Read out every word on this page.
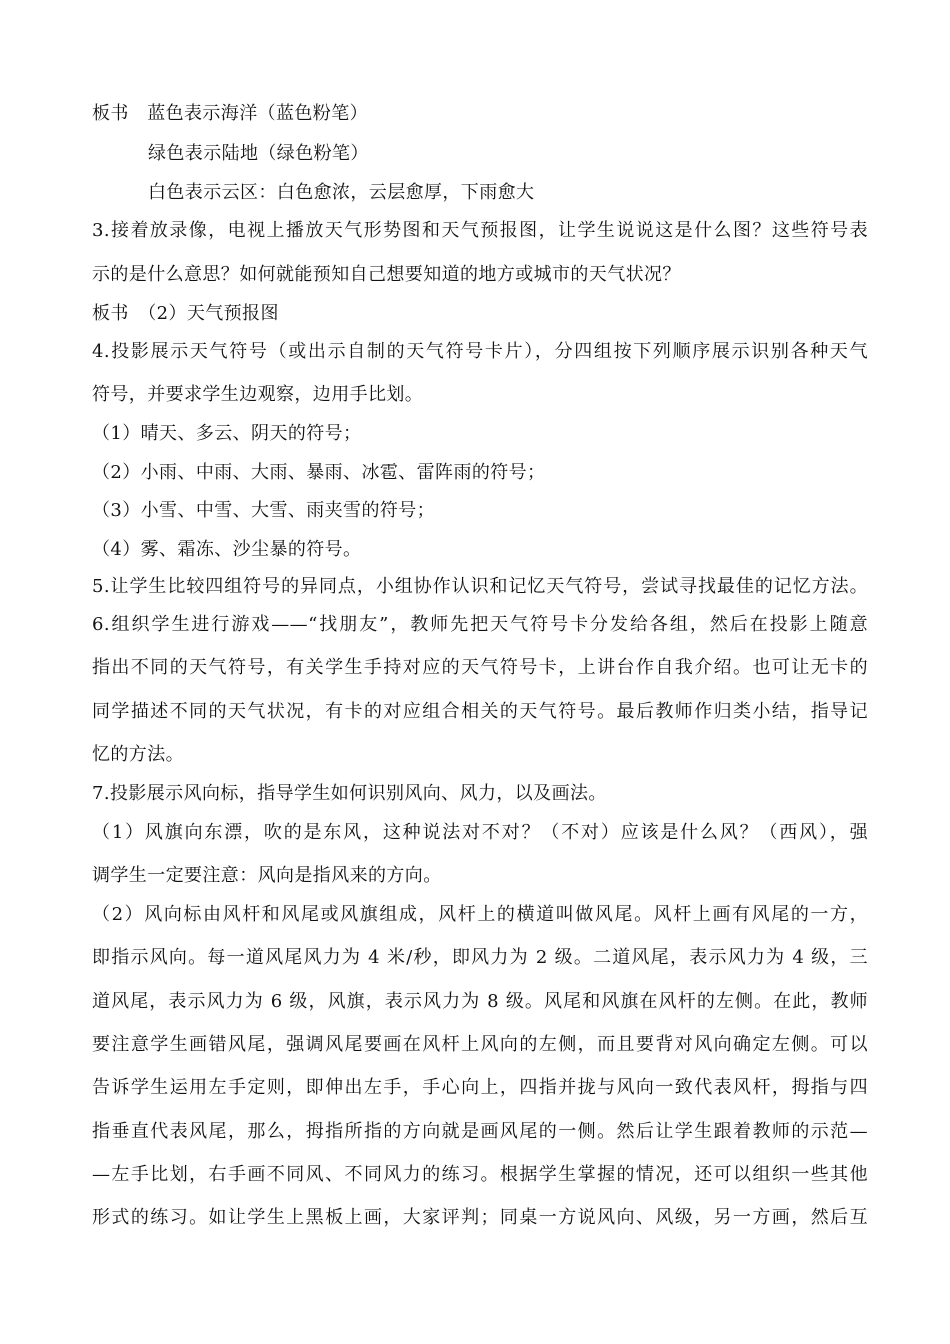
板书　蓝色表示海洋（蓝色粉笔）
绿色表示陆地（绿色粉笔）
白色表示云区：白色愈浓，云层愈厚，下雨愈大
3.接着放录像，电视上播放天气形势图和天气预报图，让学生说说这是什么图？这些符号表
示的是什么意思？如何就能预知自己想要知道的地方或城市的天气状况？
板书　（2）天气预报图
4.投影展示天气符号（或出示自制的天气符号卡片），分四组按下列顺序展示识别各种天气
符号，并要求学生边观察，边用手比划。
（1）晴天、多云、阴天的符号；
（2）小雨、中雨、大雨、暴雨、冰雹、雷阵雨的符号；
（3）小雪、中雪、大雪、雨夹雪的符号；
（4）雾、霜冻、沙尘暴的符号。
5.让学生比较四组符号的异同点，小组协作认识和记忆天气符号，尝试寻找最佳的记忆方法。
6.组织学生进行游戏——“找朋友”，教师先把天气符号卡分发给各组，然后在投影上随意
指出不同的天气符号，有关学生手持对应的天气符号卡，上讲台作自我介绍。也可让无卡的
同学描述不同的天气状况，有卡的对应组合相关的天气符号。最后教师作归类小结，指导记
忆的方法。
7.投影展示风向标，指导学生如何识别风向、风力，以及画法。
（1）风旗向东漂，吹的是东风，这种说法对不对？（不对）应该是什么风？（西风），强
调学生一定要注意：风向是指风来的方向。
（2）风向标由风杆和风尾或风旗组成，风杆上的横道叫做风尾。风杆上画有风尾的一方，
即指示风向。每一道风尾风力为 4 米/秒，即风力为 2 级。二道风尾，表示风力为 4 级，三
道风尾，表示风力为 6 级，风旗，表示风力为 8 级。风尾和风旗在风杆的左侧。在此，教师
要注意学生画错风尾，强调风尾要画在风杆上风向的左侧，而且要背对风向确定左侧。可以
告诉学生运用左手定则，即伸出左手，手心向上，四指并拢与风向一致代表风杆，拇指与四
指垂直代表风尾，那么，拇指所指的方向就是画风尾的一侧。然后让学生跟着教师的示范—
—左手比划，右手画不同风、不同风力的练习。根据学生掌握的情况，还可以组织一些其他
形式的练习。如让学生上黑板上画，大家评判；同桌一方说风向、风级，另一方画，然后互
